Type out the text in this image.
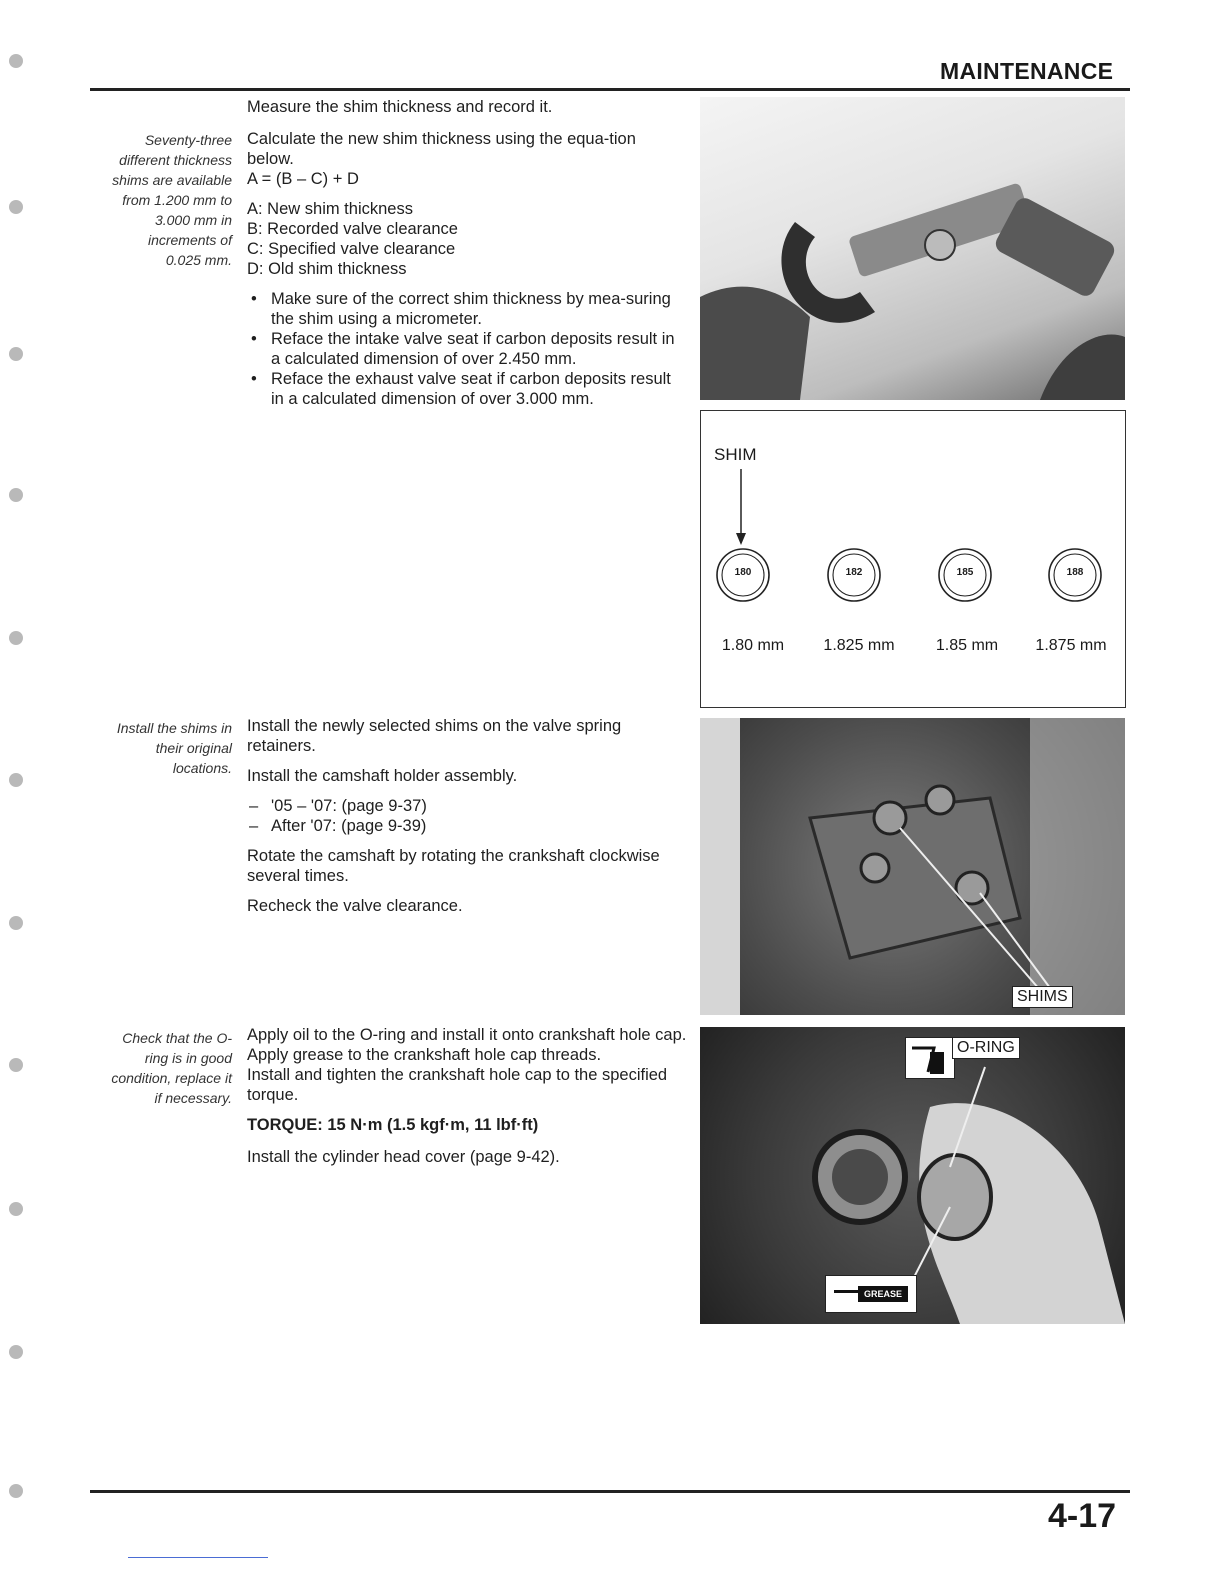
MAINTENANCE
Seventy-three
different thickness
shims are available
from 1.200 mm to
3.000 mm in
increments of
0.025 mm.

Measure the shim thickness and record it.

Calculate the new shim thickness using the equa-tion below.

A = (B – C) + D

A: New shim thickness
B: Recorded valve clearance
C: Specified valve clearance
D: Old shim thickness
• Make sure of the correct shim thickness by mea-suring the shim using a micrometer.
• Reface the intake valve seat if carbon deposits result in a calculated dimension of over 2.450 mm.
• Reface the exhaust valve seat if carbon deposits result in a calculated dimension of over 3.000 mm.
SHIM
180	182	185	188
1.80 mm	1.825 mm	1.85 mm	1.875 mm
Install the shims in
their original
locations.

Install the newly selected shims on the valve spring retainers.

Install the camshaft holder assembly.

– '05 – '07: (page 9-37)
– After '07: (page 9-39)

Rotate the camshaft by rotating the crankshaft clockwise several times.

Recheck the valve clearance.

SHIMS
Check that the O-
ring is in good
condition, replace it
if necessary.

Apply oil to the O-ring and install it onto crankshaft hole cap.

Apply grease to the crankshaft hole cap threads.

Install and tighten the crankshaft hole cap to the specified torque.

TORQUE: 15 N·m (1.5 kgf·m, 11 lbf·ft)

Install the cylinder head cover (page 9-42).

O-RING
GREASE
4-17
